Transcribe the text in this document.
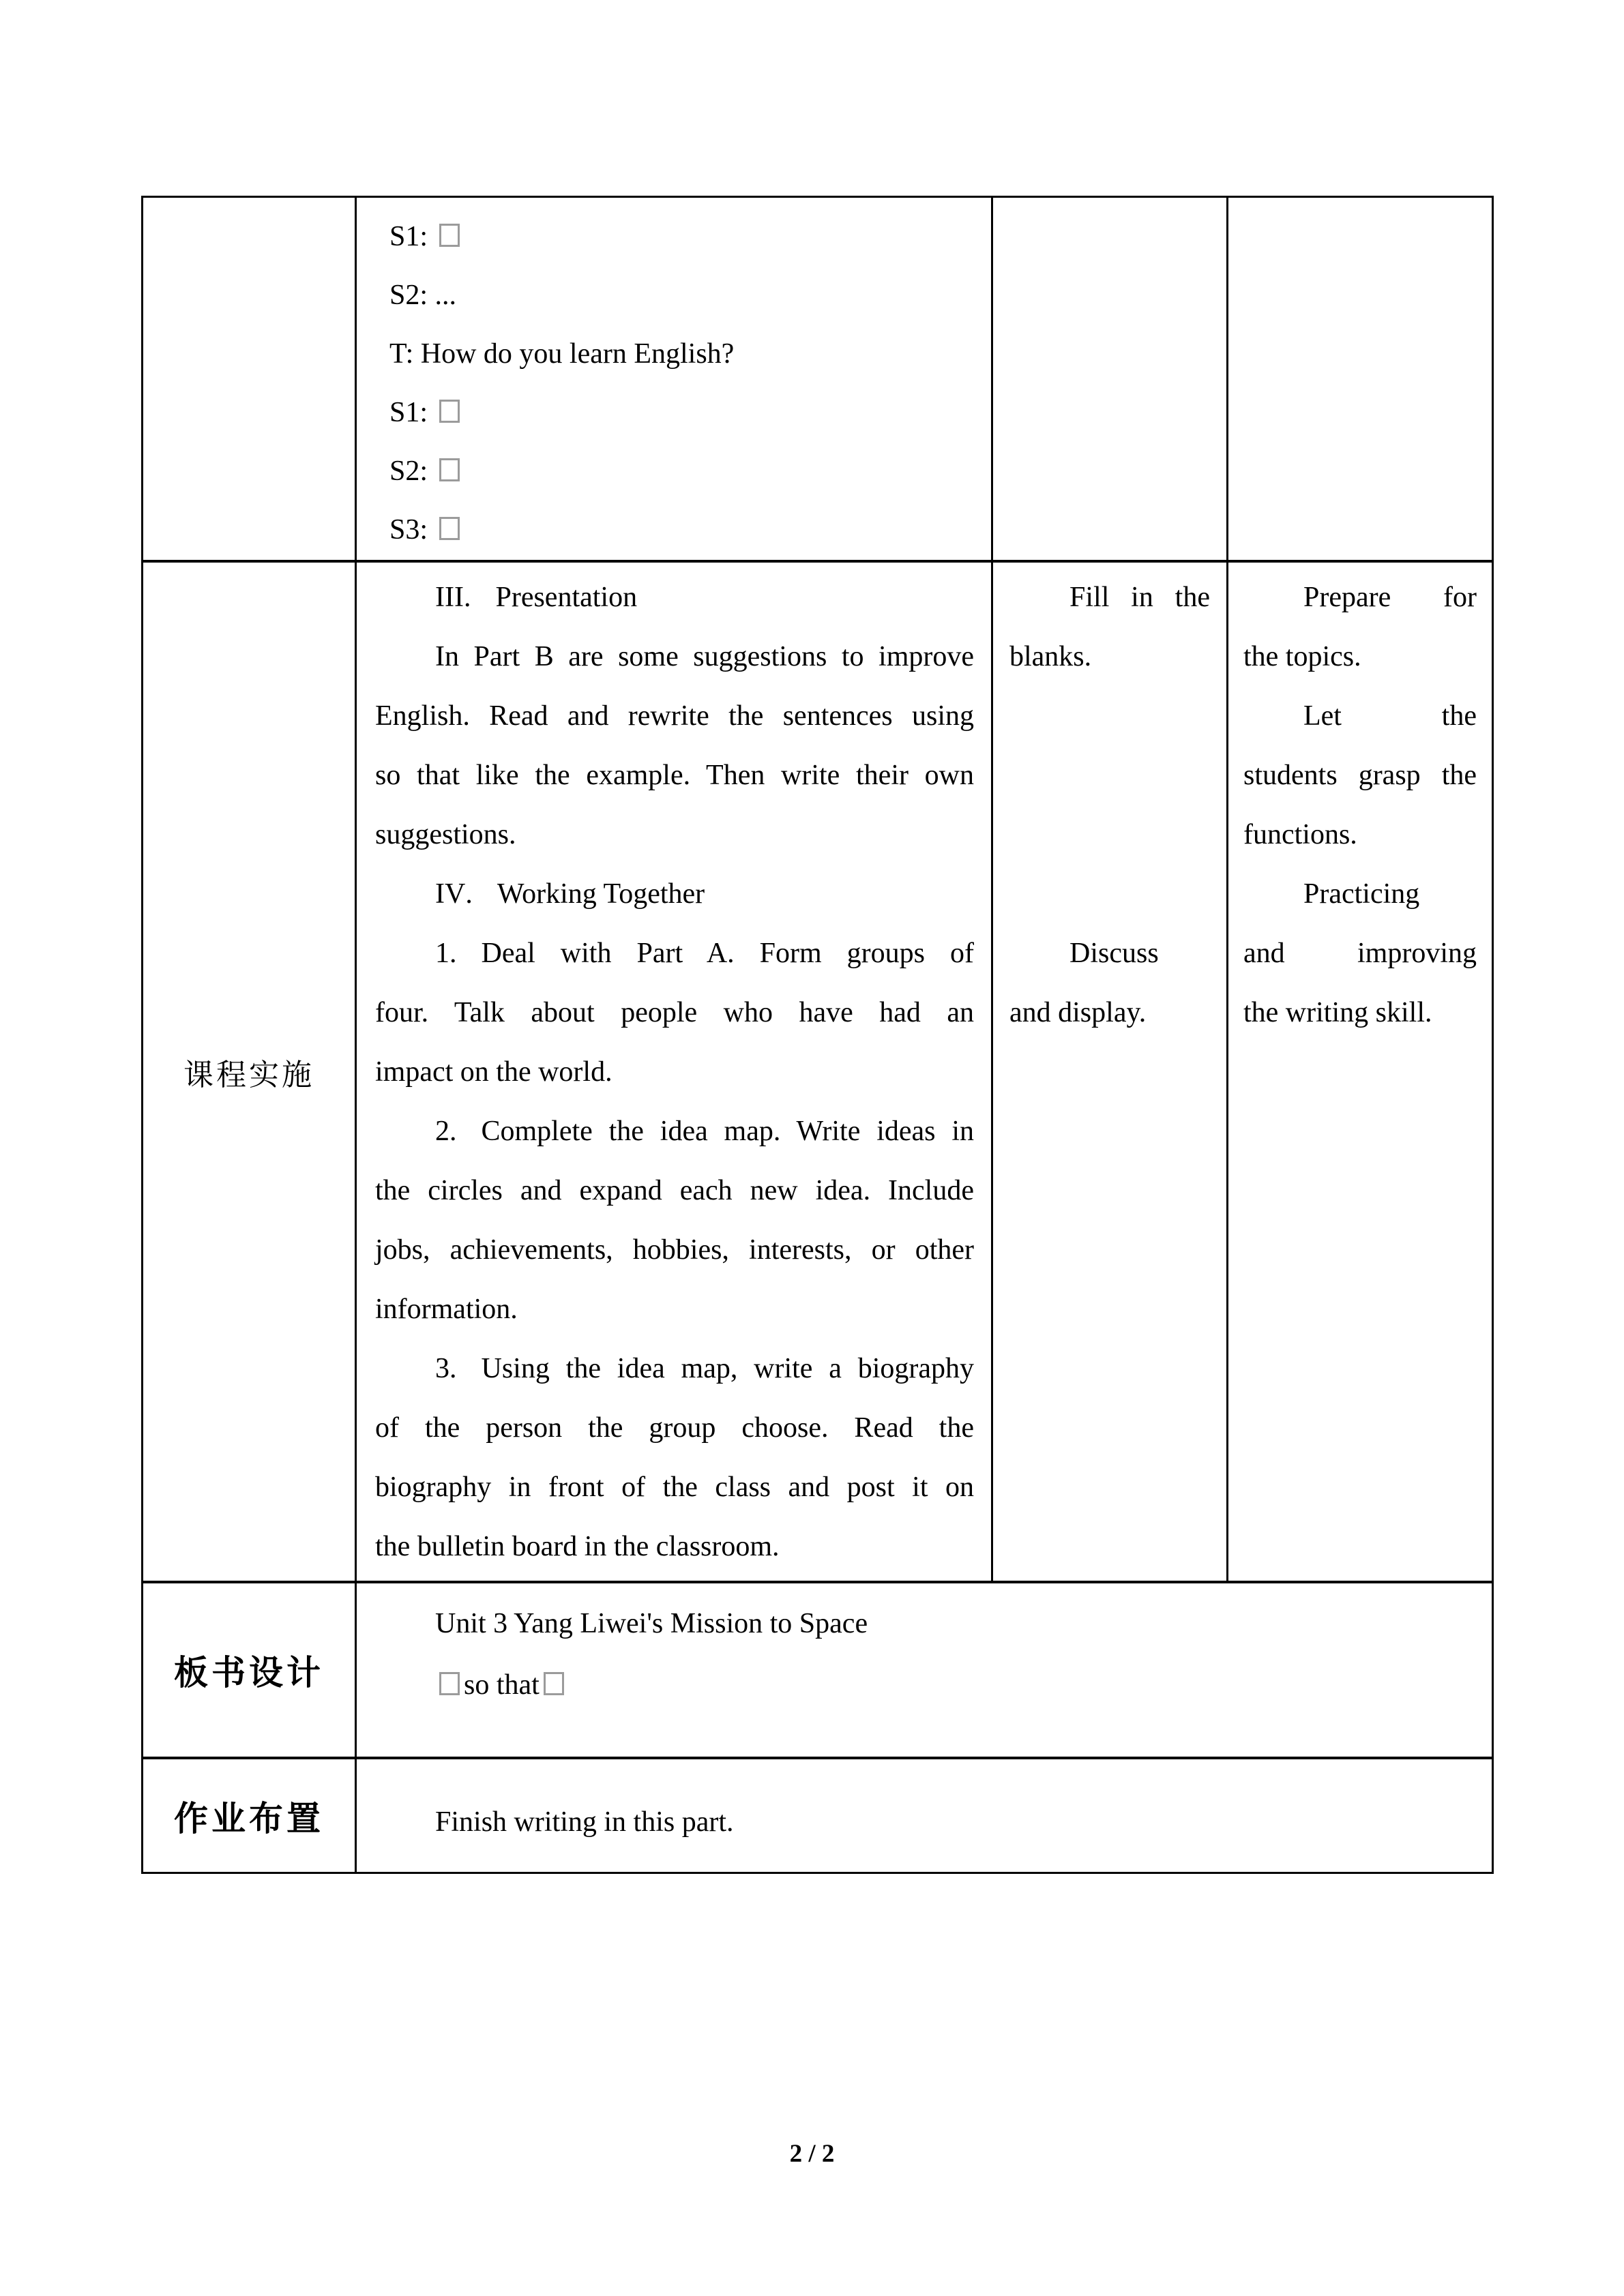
S1:
S2: ...
T: How do you learn English?
S1:
S2:
S3:
课程实施
III. Presentation
In Part B are some suggestions to improve
English. Read and rewrite the sentences using
so that like the example. Then write their own
suggestions.
IV. Working Together
1. Deal with Part A. Form groups of
four. Talk about people who have had an
impact on the world.
2. Complete the idea map. Write ideas in
the circles and expand each new idea. Include
jobs, achievements, hobbies, interests, or other
information.
3. Using the idea map, write a biography
of the person the group choose. Read the
biography in front of the class and post it on
the bulletin board in the classroom.
Fill in the
blanks.

Discuss
and display.
Prepare for
the topics.
Let the
students grasp the
functions.
Practicing
and improving
the writing skill.
板书设计
Unit 3 Yang Liwei's Mission to Space
so that
作业布置	Finish writing in this part.
2 / 2
